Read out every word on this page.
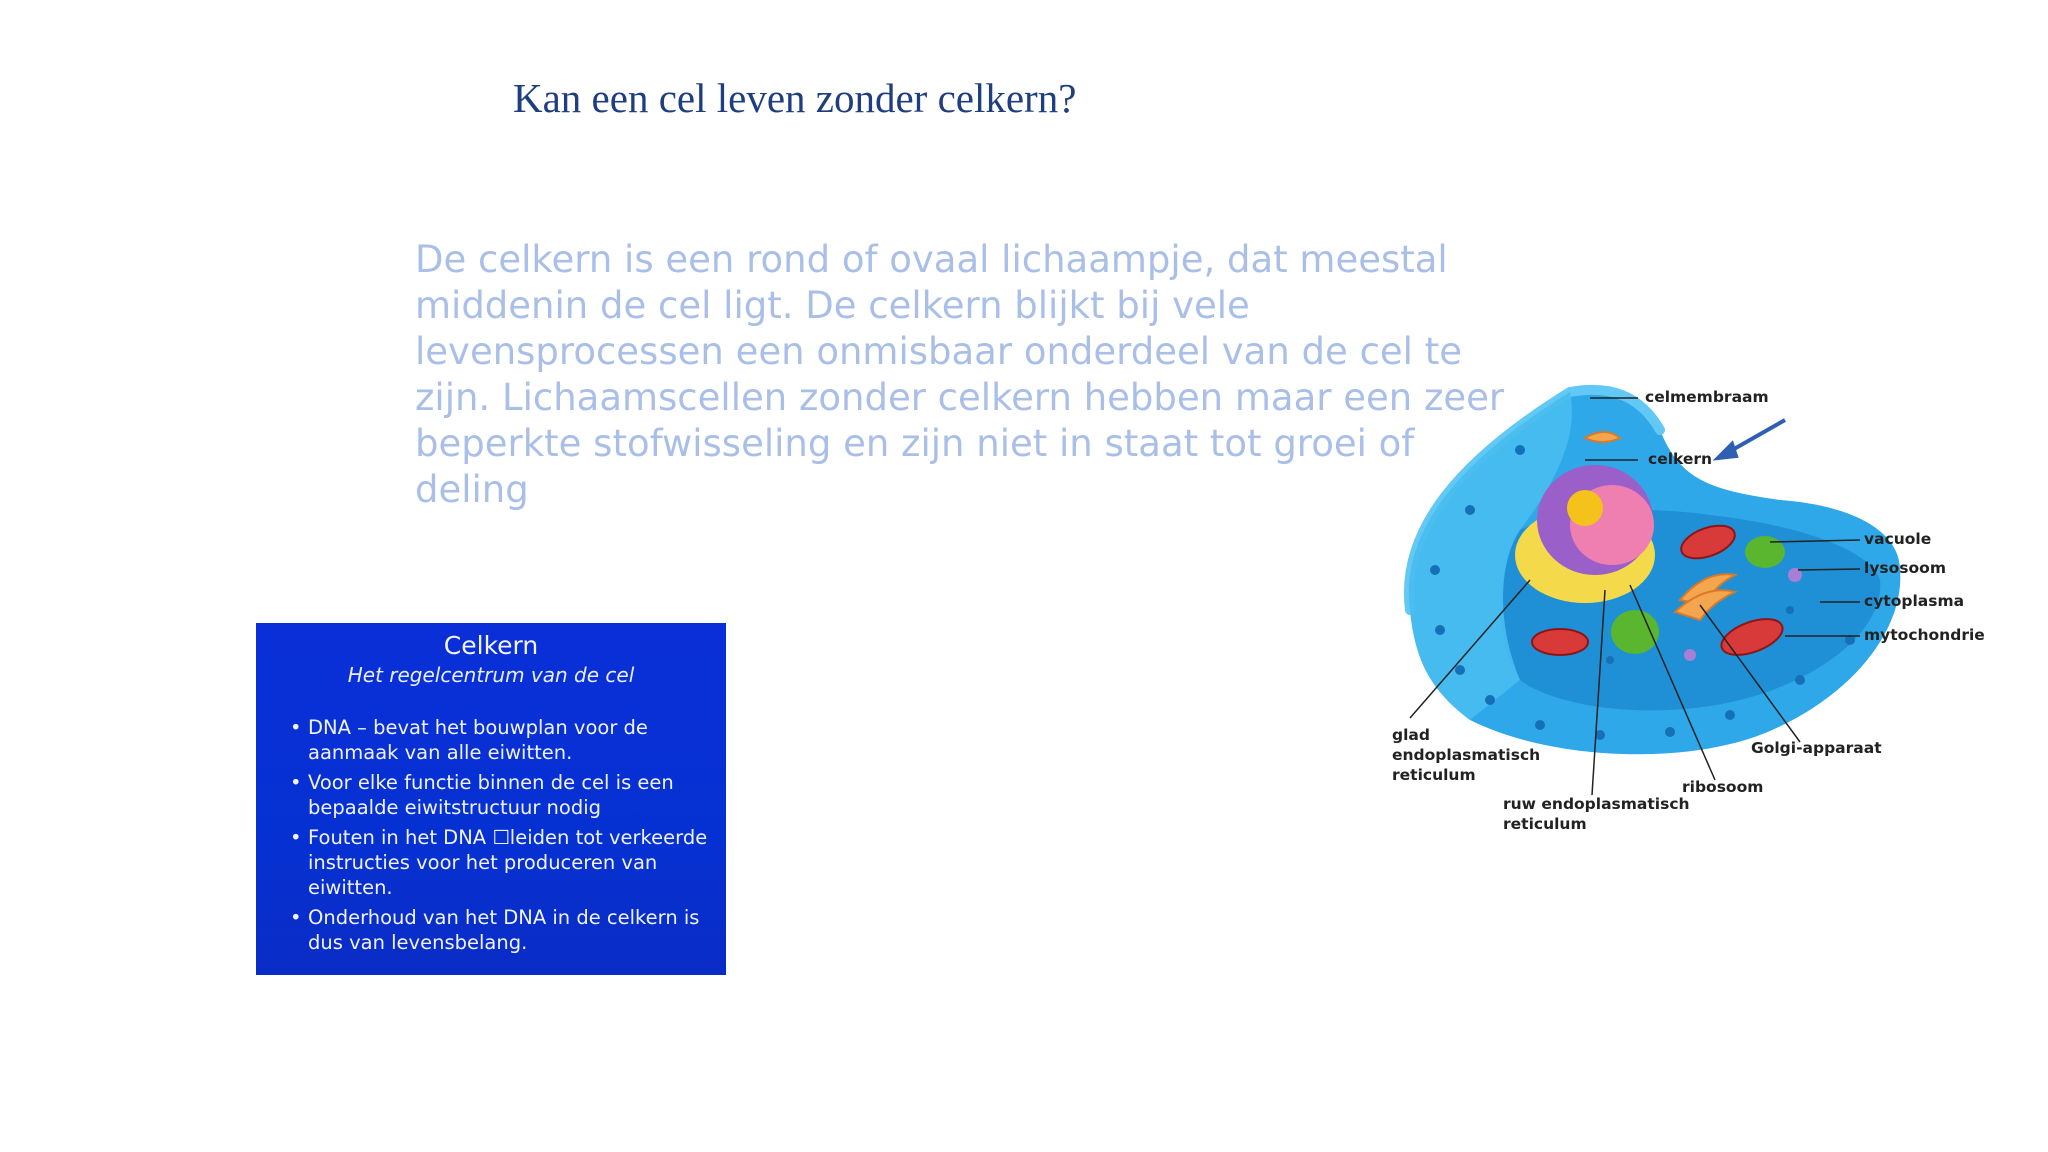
Kan een cel leven zonder celkern?
De celkern is een rond of ovaal lichaampje, dat meestal
middenin de cel ligt. De celkern blijkt bij vele
levensprocessen een onmisbaar onderdeel van de cel te
zijn. Lichaamscellen zonder celkern hebben maar een zeer
beperkte stofwisseling en zijn niet in staat tot groei of
deling
Celkern
Het regelcentrum van de cel
• DNA – bevat het bouwplan voor de aanmaak van alle eiwitten.
• Voor elke functie binnen de cel is een bepaalde eiwitstructuur nodig
• Fouten in het DNA ☐leiden tot verkeerde instructies voor het produceren van eiwitten.
• Onderhoud van het DNA in de celkern is dus van levensbelang.
celmembraam
celkern
vacuole
lysosoom
cytoplasma
mytochondrie
Golgi-apparaat
ribosoom
ruw endoplasmatisch
reticulum
glad
endoplasmatisch
reticulum
